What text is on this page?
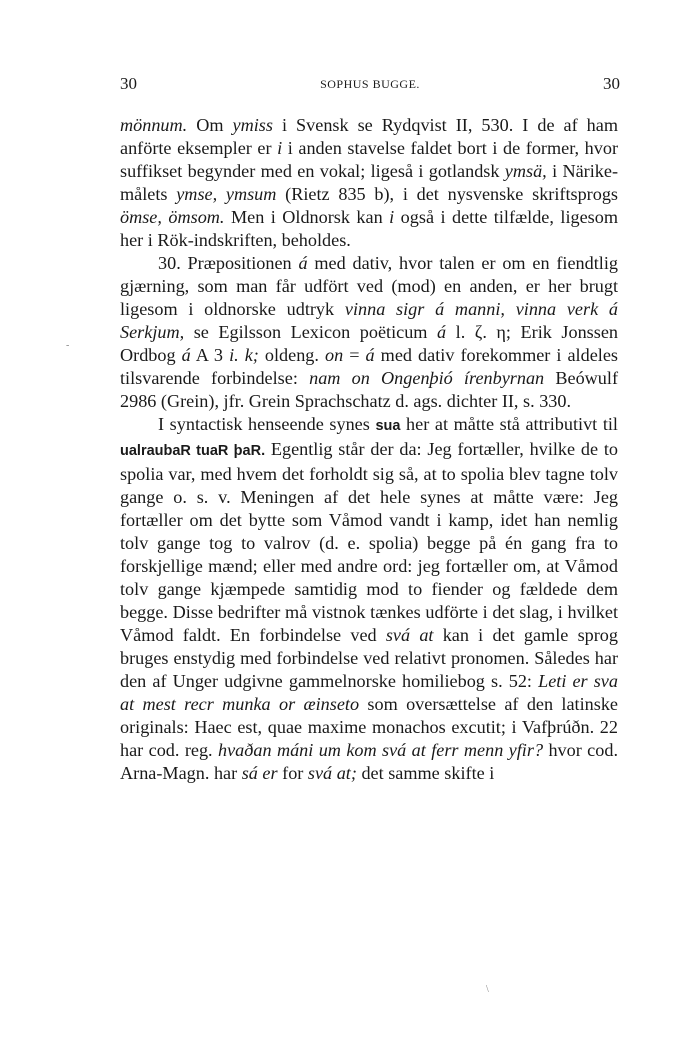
30	SOPHUS BUGGE.	30

mönnum. Om ymiss i Svensk se Rydqvist II, 530. I de af ham anförte eksempler er i i anden stavelse faldet bort i de former, hvor suffikset begynder med en vokal; ligeså i gotlandsk ymsä, i Närike-målets ymse, ymsum (Rietz 835 b), i det nysvenske skriftsprogs ömse, ömsom. Men i Oldnorsk kan i også i dette tilfælde, ligesom her i Rök-indskriften, beholdes.

30. Præpositionen á med dativ, hvor talen er om en fiendtlig gjærning, som man får udfört ved (mod) en anden, er her brugt ligesom i oldnorske udtryk vinna sigr á manni, vinna verk á Serkjum, se Egilsson Lexicon poëticum á l. ζ. η; Erik Jonssen Ordbog á A 3 i. k; oldeng. on = á med dativ forekommer i aldeles tilsvarende forbindelse: nam on Ongenþió írenbyrnan Beówulf 2986 (Grein), jfr. Grein Sprachschatz d. ags. dichter II, s. 330.

I syntactisk henseende synes sua her at måtte stå attributivt til ualraubaR tuaR þaR. Egentlig står der da: Jeg fortæller, hvilke de to spolia var, med hvem det forholdt sig så, at to spolia blev tagne tolv gange o. s. v. Meningen af det hele synes at måtte være: Jeg fortæller om det bytte som Våmod vandt i kamp, idet han nemlig tolv gange tog to valrov (d. e. spolia) begge på én gang fra to forskjellige mænd; eller med andre ord: jeg fortæller om, at Våmod tolv gange kjæmpede samtidig mod to fiender og fældede dem begge. Disse bedrifter må vistnok tænkes udförte i det slag, i hvilket Våmod faldt. En forbindelse ved svá at kan i det gamle sprog bruges enstydig med forbindelse ved relativt pronomen. Således har den af Unger udgivne gammelnorske homiliebog s. 52: Leti er sva at mest recr munka or æinseto som oversættelse af den latinske originals: Haec est, quae maxime monachos excutit; i Vafþrúðn. 22 har cod. reg. hvaðan máni um kom svá at ferr menn yfir? hvor cod. Arna-Magn. har sá er for svá at; det samme skifte i

-
\
